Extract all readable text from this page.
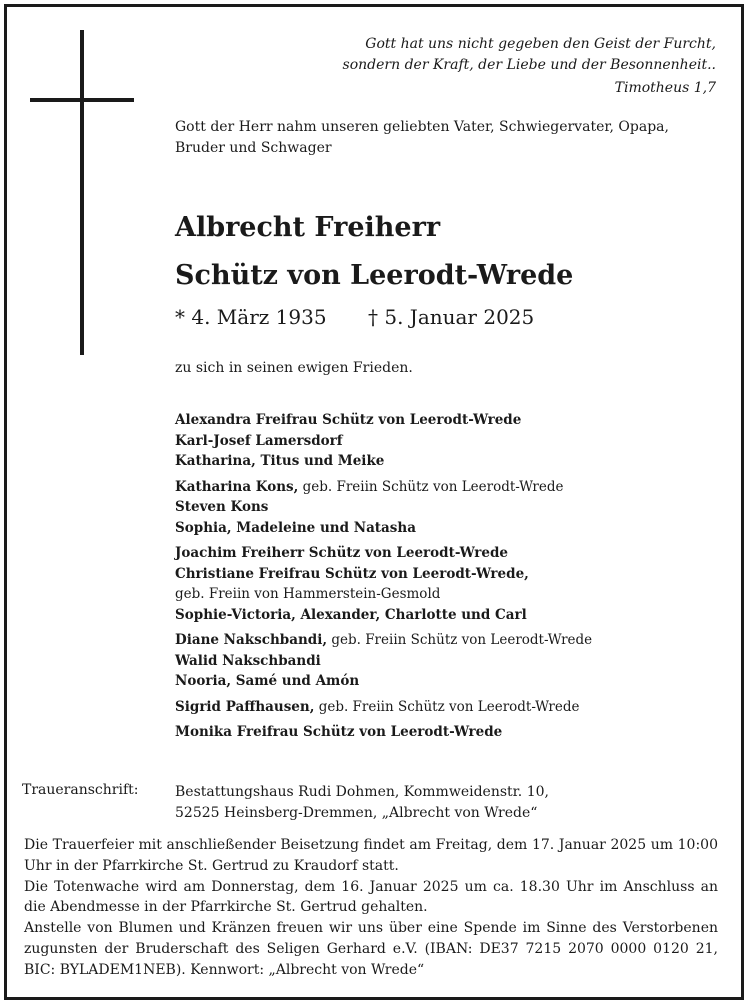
Gott hat uns nicht gegeben den Geist der Furcht,
sondern der Kraft, der Liebe und der Besonnenheit..
Timotheus 1,7
Gott der Herr nahm unseren geliebten Vater, Schwiegervater, Opapa,
Bruder und Schwager
Albrecht Freiherr
Schütz von Leerodt-Wrede
* 4. März 1935 † 5. Januar 2025
zu sich in seinen ewigen Frieden.
Alexandra Freifrau Schütz von Leerodt-Wrede
Karl-Josef Lamersdorf
Katharina, Titus und Meike
Katharina Kons, geb. Freiin Schütz von Leerodt-Wrede
Steven Kons
Sophia, Madeleine und Natasha
Joachim Freiherr Schütz von Leerodt-Wrede
Christiane Freifrau Schütz von Leerodt-Wrede,
geb. Freiin von Hammerstein-Gesmold
Sophie-Victoria, Alexander, Charlotte und Carl
Diane Nakschbandi, geb. Freiin Schütz von Leerodt-Wrede
Walid Nakschbandi
Nooria, Samé und Amón
Sigrid Paffhausen, geb. Freiin Schütz von Leerodt-Wrede
Monika Freifrau Schütz von Leerodt-Wrede
Traueranschrift:	Bestattungshaus Rudi Dohmen, Kommweidenstr. 10,
52525 Heinsberg-Dremmen, „Albrecht von Wrede“

Die Trauerfeier mit anschließender Beisetzung findet am Freitag, dem 17. Januar 2025 um 10:00 Uhr in der Pfarrkirche St. Gertrud zu Kraudorf statt.

Die Totenwache wird am Donnerstag, dem 16. Januar 2025 um ca. 18.30 Uhr im Anschluss an die Abendmesse in der Pfarrkirche St. Gertrud gehalten.

Anstelle von Blumen und Kränzen freuen wir uns über eine Spende im Sinne des Verstorbenen zugunsten der Bruderschaft des Seligen Gerhard e.V. (IBAN: DE37 7215 2070 0000 0120 21, BIC: BYLADEM1NEB). Kennwort: „Albrecht von Wrede“
